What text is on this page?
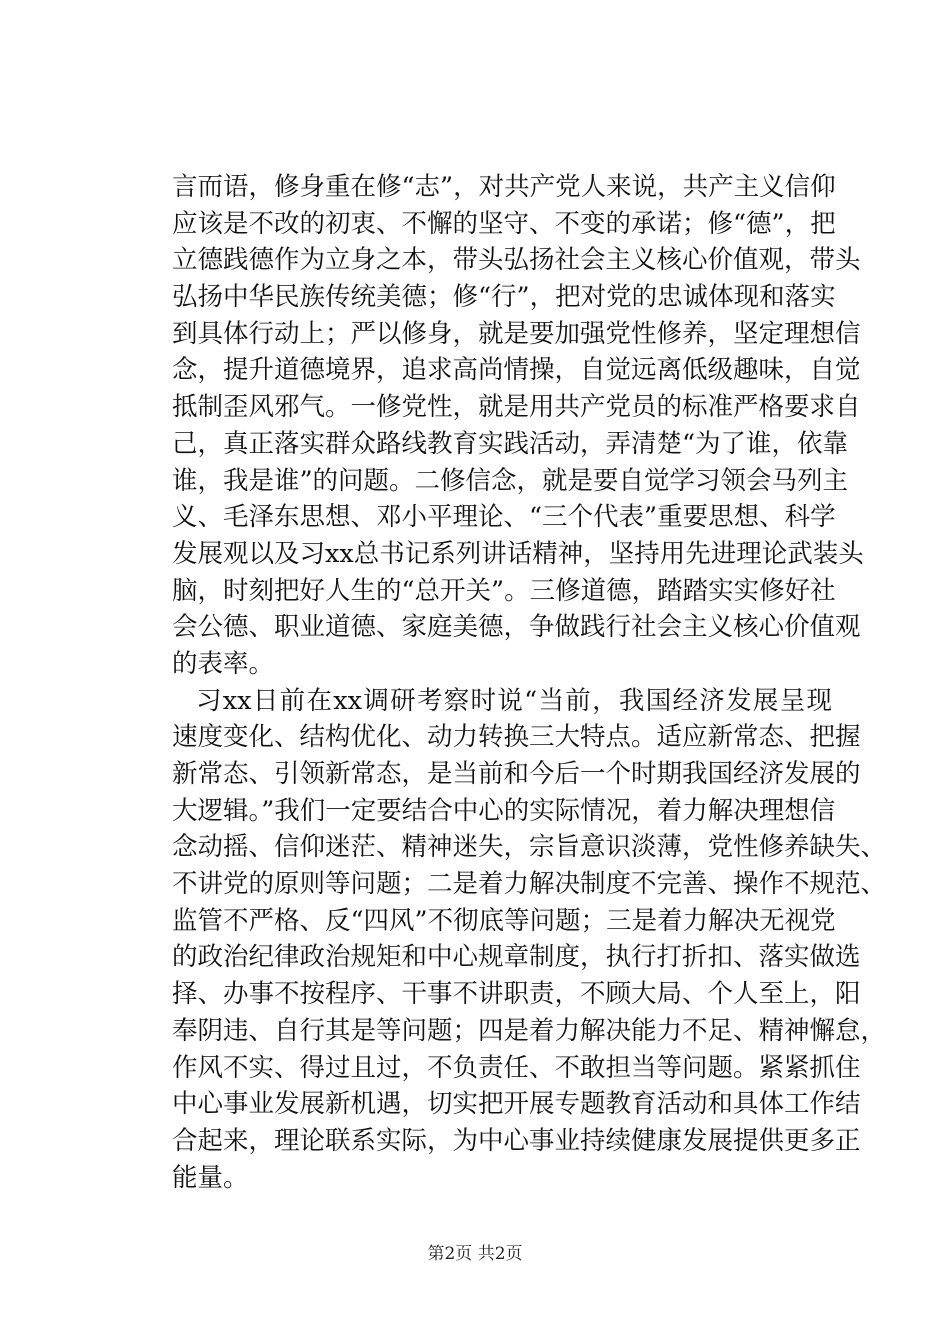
言而语，修身重在修“志”，对共产党人来说，共产主义信仰
应该是不改的初衷、不懈的坚守、不变的承诺；修“德”，把
立德践德作为立身之本，带头弘扬社会主义核心价值观，带头
弘扬中华民族传统美德；修“行”，把对党的忠诚体现和落实
到具体行动上；严以修身，就是要加强党性修养，坚定理想信
念，提升道德境界，追求高尚情操，自觉远离低级趣味，自觉
抵制歪风邪气。一修党性，就是用共产党员的标准严格要求自
己，真正落实群众路线教育实践活动，弄清楚“为了谁，依靠
谁，我是谁”的问题。二修信念，就是要自觉学习领会马列主
义、毛泽东思想、邓小平理论、“三个代表”重要思想、科学
发展观以及习xx总书记系列讲话精神，坚持用先进理论武装头
脑，时刻把好人生的“总开关”。三修道德，踏踏实实修好社
会公德、职业道德、家庭美德，争做践行社会主义核心价值观
的表率。
习xx日前在xx调研考察时说“当前，我国经济发展呈现
速度变化、结构优化、动力转换三大特点。适应新常态、把握
新常态、引领新常态，是当前和今后一个时期我国经济发展的
大逻辑。”我们一定要结合中心的实际情况，着力解决理想信
念动摇、信仰迷茫、精神迷失，宗旨意识淡薄，党性修养缺失、
不讲党的原则等问题；二是着力解决制度不完善、操作不规范、
监管不严格、反“四风”不彻底等问题；三是着力解决无视党
的政治纪律政治规矩和中心规章制度，执行打折扣、落实做选
择、办事不按程序、干事不讲职责，不顾大局、个人至上，阳
奉阴违、自行其是等问题；四是着力解决能力不足、精神懈怠，
作风不实、得过且过，不负责任、不敢担当等问题。紧紧抓住
中心事业发展新机遇，切实把开展专题教育活动和具体工作结
合起来，理论联系实际，为中心事业持续健康发展提供更多正
能量。
第2页 共2页
